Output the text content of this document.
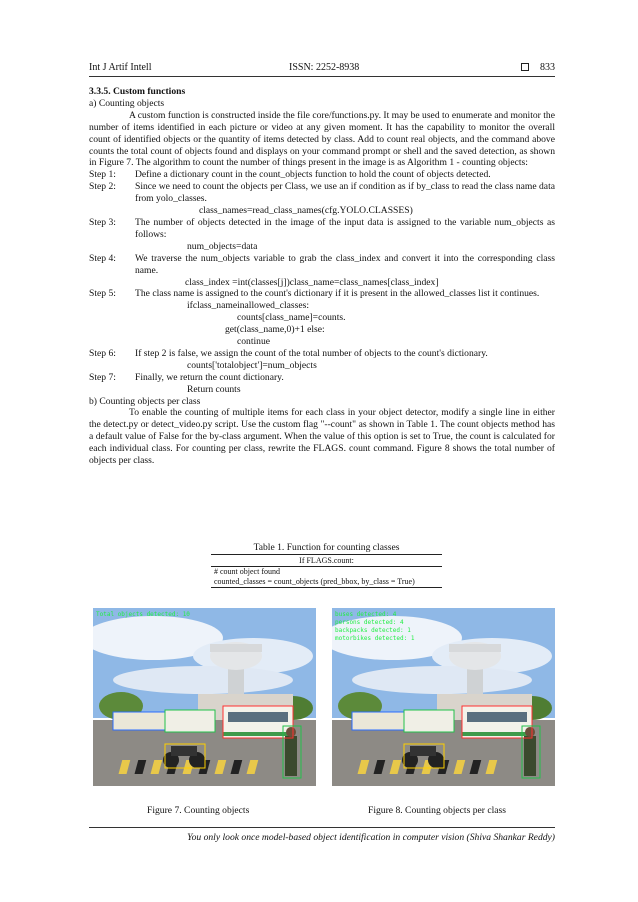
Int J Artif Intell	ISSN: 2252-8938	833
3.3.5. Custom functions
a) Counting objects
A custom function is constructed inside the file core/functions.py. It may be used to enumerate and monitor the number of items identified in each picture or video at any given moment. It has the capability to monitor the overall count of identified objects or the quantity of items detected by class. Add to count real objects, and the command above counts the total count of objects found and displays on your command prompt or shell and the saved detection, as shown in Figure 7. The algorithm to count the number of things present in the image is as Algorithm 1 - counting objects:
Step 1:	Define a dictionary count in the count_objects function to hold the count of objects detected.
Step 2:	Since we need to count the objects per Class, we use an if condition as if by_class to read the class name data from yolo_classes.
class_names=read_class_names(cfg.YOLO.CLASSES)
Step 3:	The number of objects detected in the image of the input data is assigned to the variable num_objects as follows:
num_objects=data
Step 4:	We traverse the num_objects variable to grab the class_index and convert it into the corresponding class name.
class_index =int(classes[j])class_name=class_names[class_index]
Step 5:	The class name is assigned to the count's dictionary if it is present in the allowed_classes list it continues.
ifclass_nameinallowed_classes:
counts[class_name]=counts.
get(class_name,0)+1 else:
continue
Step 6:	If step 2 is false, we assign the count of the total number of objects to the count's dictionary.
counts['totalobject']=num_objects
Step 7:	Finally, we return the count dictionary.
Return counts
b) Counting objects per class
To enable the counting of multiple items for each class in your object detector, modify a single line in either the detect.py or detect_video.py script. Use the custom flag "--count" as shown in Table 1. The count objects method has a default value of False for the by-class argument. When the value of this option is set to True, the count is calculated for each individual class. For counting per class, rewrite the FLAGS. count command. Figure 8 shows the total number of objects per class.
Table 1. Function for counting classes
If FLAGS.count:
# count object found
counted_classes = count_objects (pred_bbox, by_class = True)
Total objects detected: 10	buses detected: 4
persons detected: 4
backpacks detected: 1
motorbikes detected: 1
Figure 7. Counting objects	Figure 8. Counting objects per class
You only look once model-based object identification in computer vision (Shiva Shankar Reddy)
